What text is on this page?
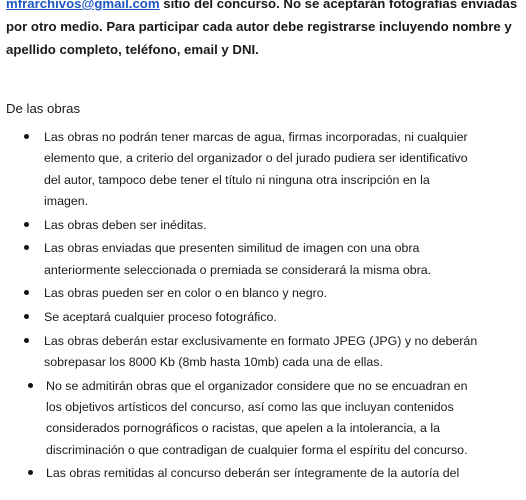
mfrarchivos@gmail.com sitio del concurso. No se aceptarán fotografías enviadas
por otro medio. Para participar cada autor debe registrarse incluyendo nombre y
apellido completo, teléfono, email y DNI.
De las obras
Las obras no podrán tener marcas de agua, firmas incorporadas, ni cualquier
elemento que, a criterio del organizador o del jurado pudiera ser identificativo
del autor, tampoco debe tener el título ni ninguna otra inscripción en la
imagen.
Las obras deben ser inéditas.
Las obras enviadas que presenten similitud de imagen con una obra
anteriormente seleccionada o premiada se considerará la misma obra.
Las obras pueden ser en color o en blanco y negro.
Se aceptará cualquier proceso fotográfico.
Las obras deberán estar exclusivamente en formato JPEG (JPG) y no deberán
sobrepasar los 8000 Kb (8mb hasta 10mb) cada una de ellas.
No se admitirán obras que el organizador considere que no se encuadran en
los objetivos artísticos del concurso, así como las que incluyan contenidos
considerados pornográficos o racistas, que apelen a la intolerancia, a la
discriminación o que contradigan de cualquier forma el espíritu del concurso.
Las obras remitidas al concurso deberán ser íntegramente de la autoría del
